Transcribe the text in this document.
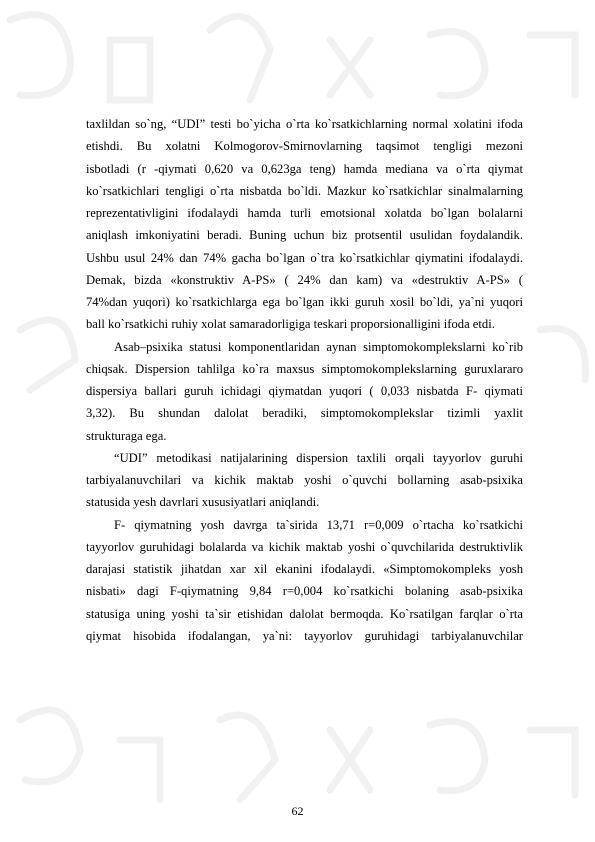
taxlildan so`ng, “UDI” testi bo`yicha o`rta ko`rsatkichlarning normal xolatini ifoda
etishdi. Bu xolatni Kolmogorov-Smirnovlarning taqsimot tengligi mezoni
isbotladi (r -qiymati 0,620 va 0,623ga teng) hamda mediana va o`rta qiymat
ko`rsatkichlari tengligi o`rta nisbatda bo`ldi. Mazkur ko`rsatkichlar sinalmalarning
reprezentativligini ifodalaydi hamda turli emotsional xolatda bo`lgan bolalarni
aniqlash imkoniyatini beradi. Buning uchun biz protsentil usulidan foydalandik.
Ushbu usul 24% dan 74% gacha bo`lgan o`tra ko`rsatkichlar qiymatini ifodalaydi.
Demak, bizda «konstruktiv A-PS» ( 24% dan kam) va «destruktiv A-PS» (
74%dan yuqori) ko`rsatkichlarga ega bo`lgan ikki guruh xosil bo`ldi, ya`ni yuqori
ball ko`rsatkichi ruhiy xolat samaradorligiga teskari proporsionalligini ifoda etdi.
Asab–psixika statusi komponentlaridan aynan simptomokomplekslarni ko`rib
chiqsak. Dispersion tahlilga ko`ra maxsus simptomokomplekslarning guruxlararo
dispersiya ballari guruh ichidagi qiymatdan yuqori ( 0,033 nisbatda F- qiymati
3,32). Bu shundan dalolat beradiki, simptomokomplekslar tizimli yaxlit
strukturaga ega.
“UDI” metodikasi natijalarining dispersion taxlili orqali tayyorlov guruhi
tarbiyalanuvchilari va kichik maktab yoshi o`quvchi bollarning asab-psixika
statusida yesh davrlari xususiyatlari aniqlandi.
F- qiymatning yosh davrga ta`sirida 13,71 r=0,009 o`rtacha ko`rsatkichi
tayyorlov guruhidagi bolalarda va kichik maktab yoshi o`quvchilarida destruktivlik
darajasi statistik jihatdan xar xil ekanini ifodalaydi. «Simptomokompleks yosh
nisbati» dagi F-qiymatning 9,84 r=0,004 ko`rsatkichi bolaning asab-psixika
statusiga uning yoshi ta`sir etishidan dalolat bermoqda. Ko`rsatilgan farqlar o`rta
qiymat hisobida ifodalangan, ya`ni: tayyorlov guruhidagi tarbiyalanuvchilar
62
